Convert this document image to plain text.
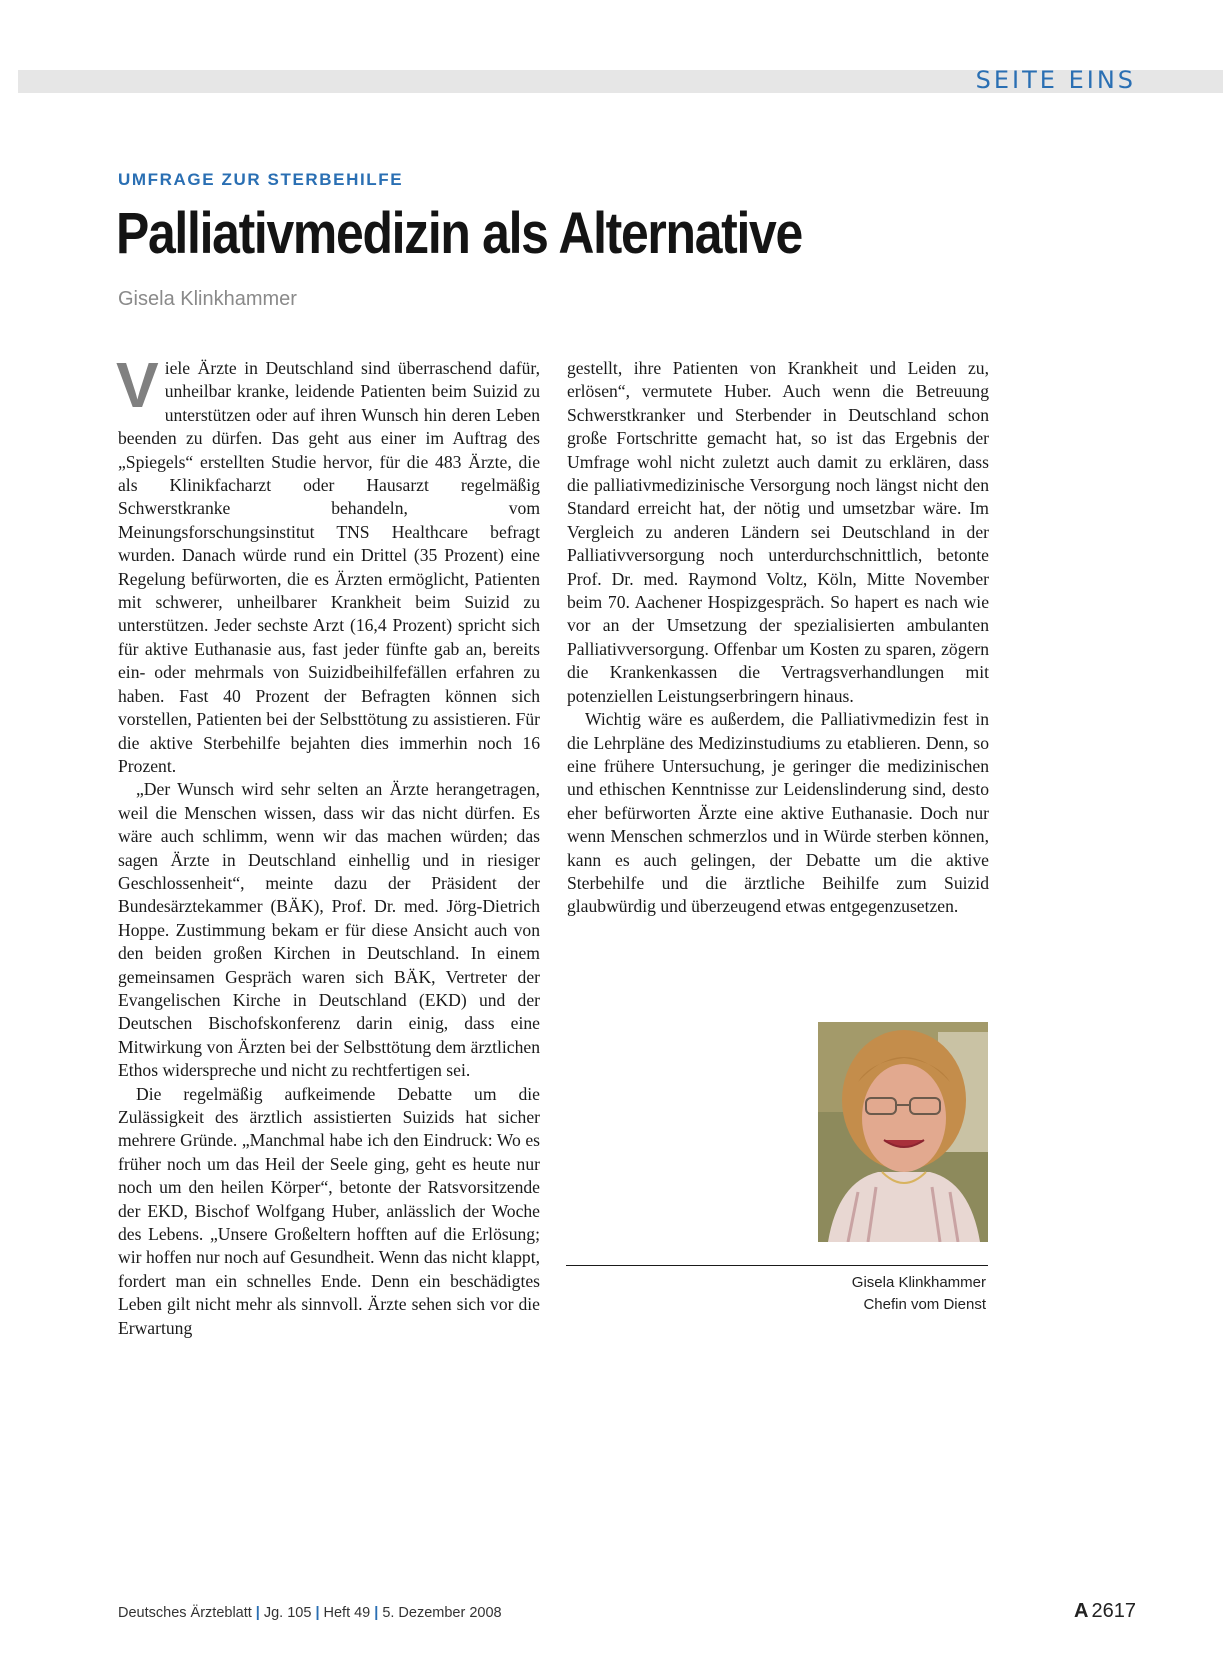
SEITE EINS
UMFRAGE ZUR STERBEHILFE
Palliativmedizin als Alternative
Gisela Klinkhammer

Viele Ärzte in Deutschland sind überraschend dafür, unheilbar kranke, leidende Patienten beim Suizid zu unterstützen oder auf ihren Wunsch hin deren Leben beenden zu dürfen. Das geht aus einer im Auftrag des „Spiegels“ erstellten Studie hervor, für die 483 Ärzte, die als Klinikfacharzt oder Hausarzt regelmäßig Schwerstkranke behandeln, vom Meinungsforschungsinstitut TNS Healthcare befragt wurden. Danach würde rund ein Drittel (35 Prozent) eine Regelung befürworten, die es Ärzten ermöglicht, Patienten mit schwerer, unheilbarer Krankheit beim Suizid zu unterstützen. Jeder sechste Arzt (16,4 Prozent) spricht sich für aktive Euthanasie aus, fast jeder fünfte gab an, bereits ein- oder mehrmals von Suizidbeihilfefällen erfahren zu haben. Fast 40 Prozent der Befragten können sich vorstellen, Patienten bei der Selbsttötung zu assistieren. Für die aktive Sterbehilfe bejahten dies immerhin noch 16 Prozent.

„Der Wunsch wird sehr selten an Ärzte herangetragen, weil die Menschen wissen, dass wir das nicht dürfen. Es wäre auch schlimm, wenn wir das machen würden; das sagen Ärzte in Deutschland einhellig und in riesiger Geschlossenheit“, meinte dazu der Präsident der Bundesärztekammer (BÄK), Prof. Dr. med. Jörg-Dietrich Hoppe. Zustimmung bekam er für diese Ansicht auch von den beiden großen Kirchen in Deutschland. In einem gemeinsamen Gespräch waren sich BÄK, Vertreter der Evangelischen Kirche in Deutschland (EKD) und der Deutschen Bischofskonferenz darin einig, dass eine Mitwirkung von Ärzten bei der Selbsttötung dem ärztlichen Ethos widerspreche und nicht zu rechtfertigen sei.

Die regelmäßig aufkeimende Debatte um die Zulässigkeit des ärztlich assistierten Suizids hat sicher mehrere Gründe. „Manchmal habe ich den Eindruck: Wo es früher noch um das Heil der Seele ging, geht es heute nur noch um den heilen Körper“, betonte der Ratsvorsitzende der EKD, Bischof Wolfgang Huber, anlässlich der Woche des Lebens. „Unsere Großeltern hofften auf die Erlösung; wir hoffen nur noch auf Gesundheit. Wenn das nicht klappt, fordert man ein schnelles Ende. Denn ein beschädigtes Leben gilt nicht mehr als sinnvoll. Ärzte sehen sich vor die Erwartung

gestellt, ihre Patienten von Krankheit und Leiden zu, erlösen“, vermutete Huber. Auch wenn die Betreuung Schwerstkranker und Sterbender in Deutschland schon große Fortschritte gemacht hat, so ist das Ergebnis der Umfrage wohl nicht zuletzt auch damit zu erklären, dass die palliativmedizinische Versorgung noch längst nicht den Standard erreicht hat, der nötig und umsetzbar wäre. Im Vergleich zu anderen Ländern sei Deutschland in der Palliativversorgung noch unterdurchschnittlich, betonte Prof. Dr. med. Raymond Voltz, Köln, Mitte November beim 70. Aachener Hospizgespräch. So hapert es nach wie vor an der Umsetzung der spezialisierten ambulanten Palliativversorgung. Offenbar um Kosten zu sparen, zögern die Krankenkassen die Vertragsverhandlungen mit potenziellen Leistungserbringern hinaus.

Wichtig wäre es außerdem, die Palliativmedizin fest in die Lehrpläne des Medizinstudiums zu etablieren. Denn, so eine frühere Untersuchung, je geringer die medizinischen und ethischen Kenntnisse zur Leidenslinderung sind, desto eher befürworten Ärzte eine aktive Euthanasie. Doch nur wenn Menschen schmerzlos und in Würde sterben können, kann es auch gelingen, der Debatte um die aktive Sterbehilfe und die ärztliche Beihilfe zum Suizid glaubwürdig und überzeugend etwas entgegenzusetzen.

Gisela Klinkhammer
Chefin vom Dienst
Deutsches Ärzteblatt | Jg. 105 | Heft 49 | 5. Dezember 2008	A 2617
